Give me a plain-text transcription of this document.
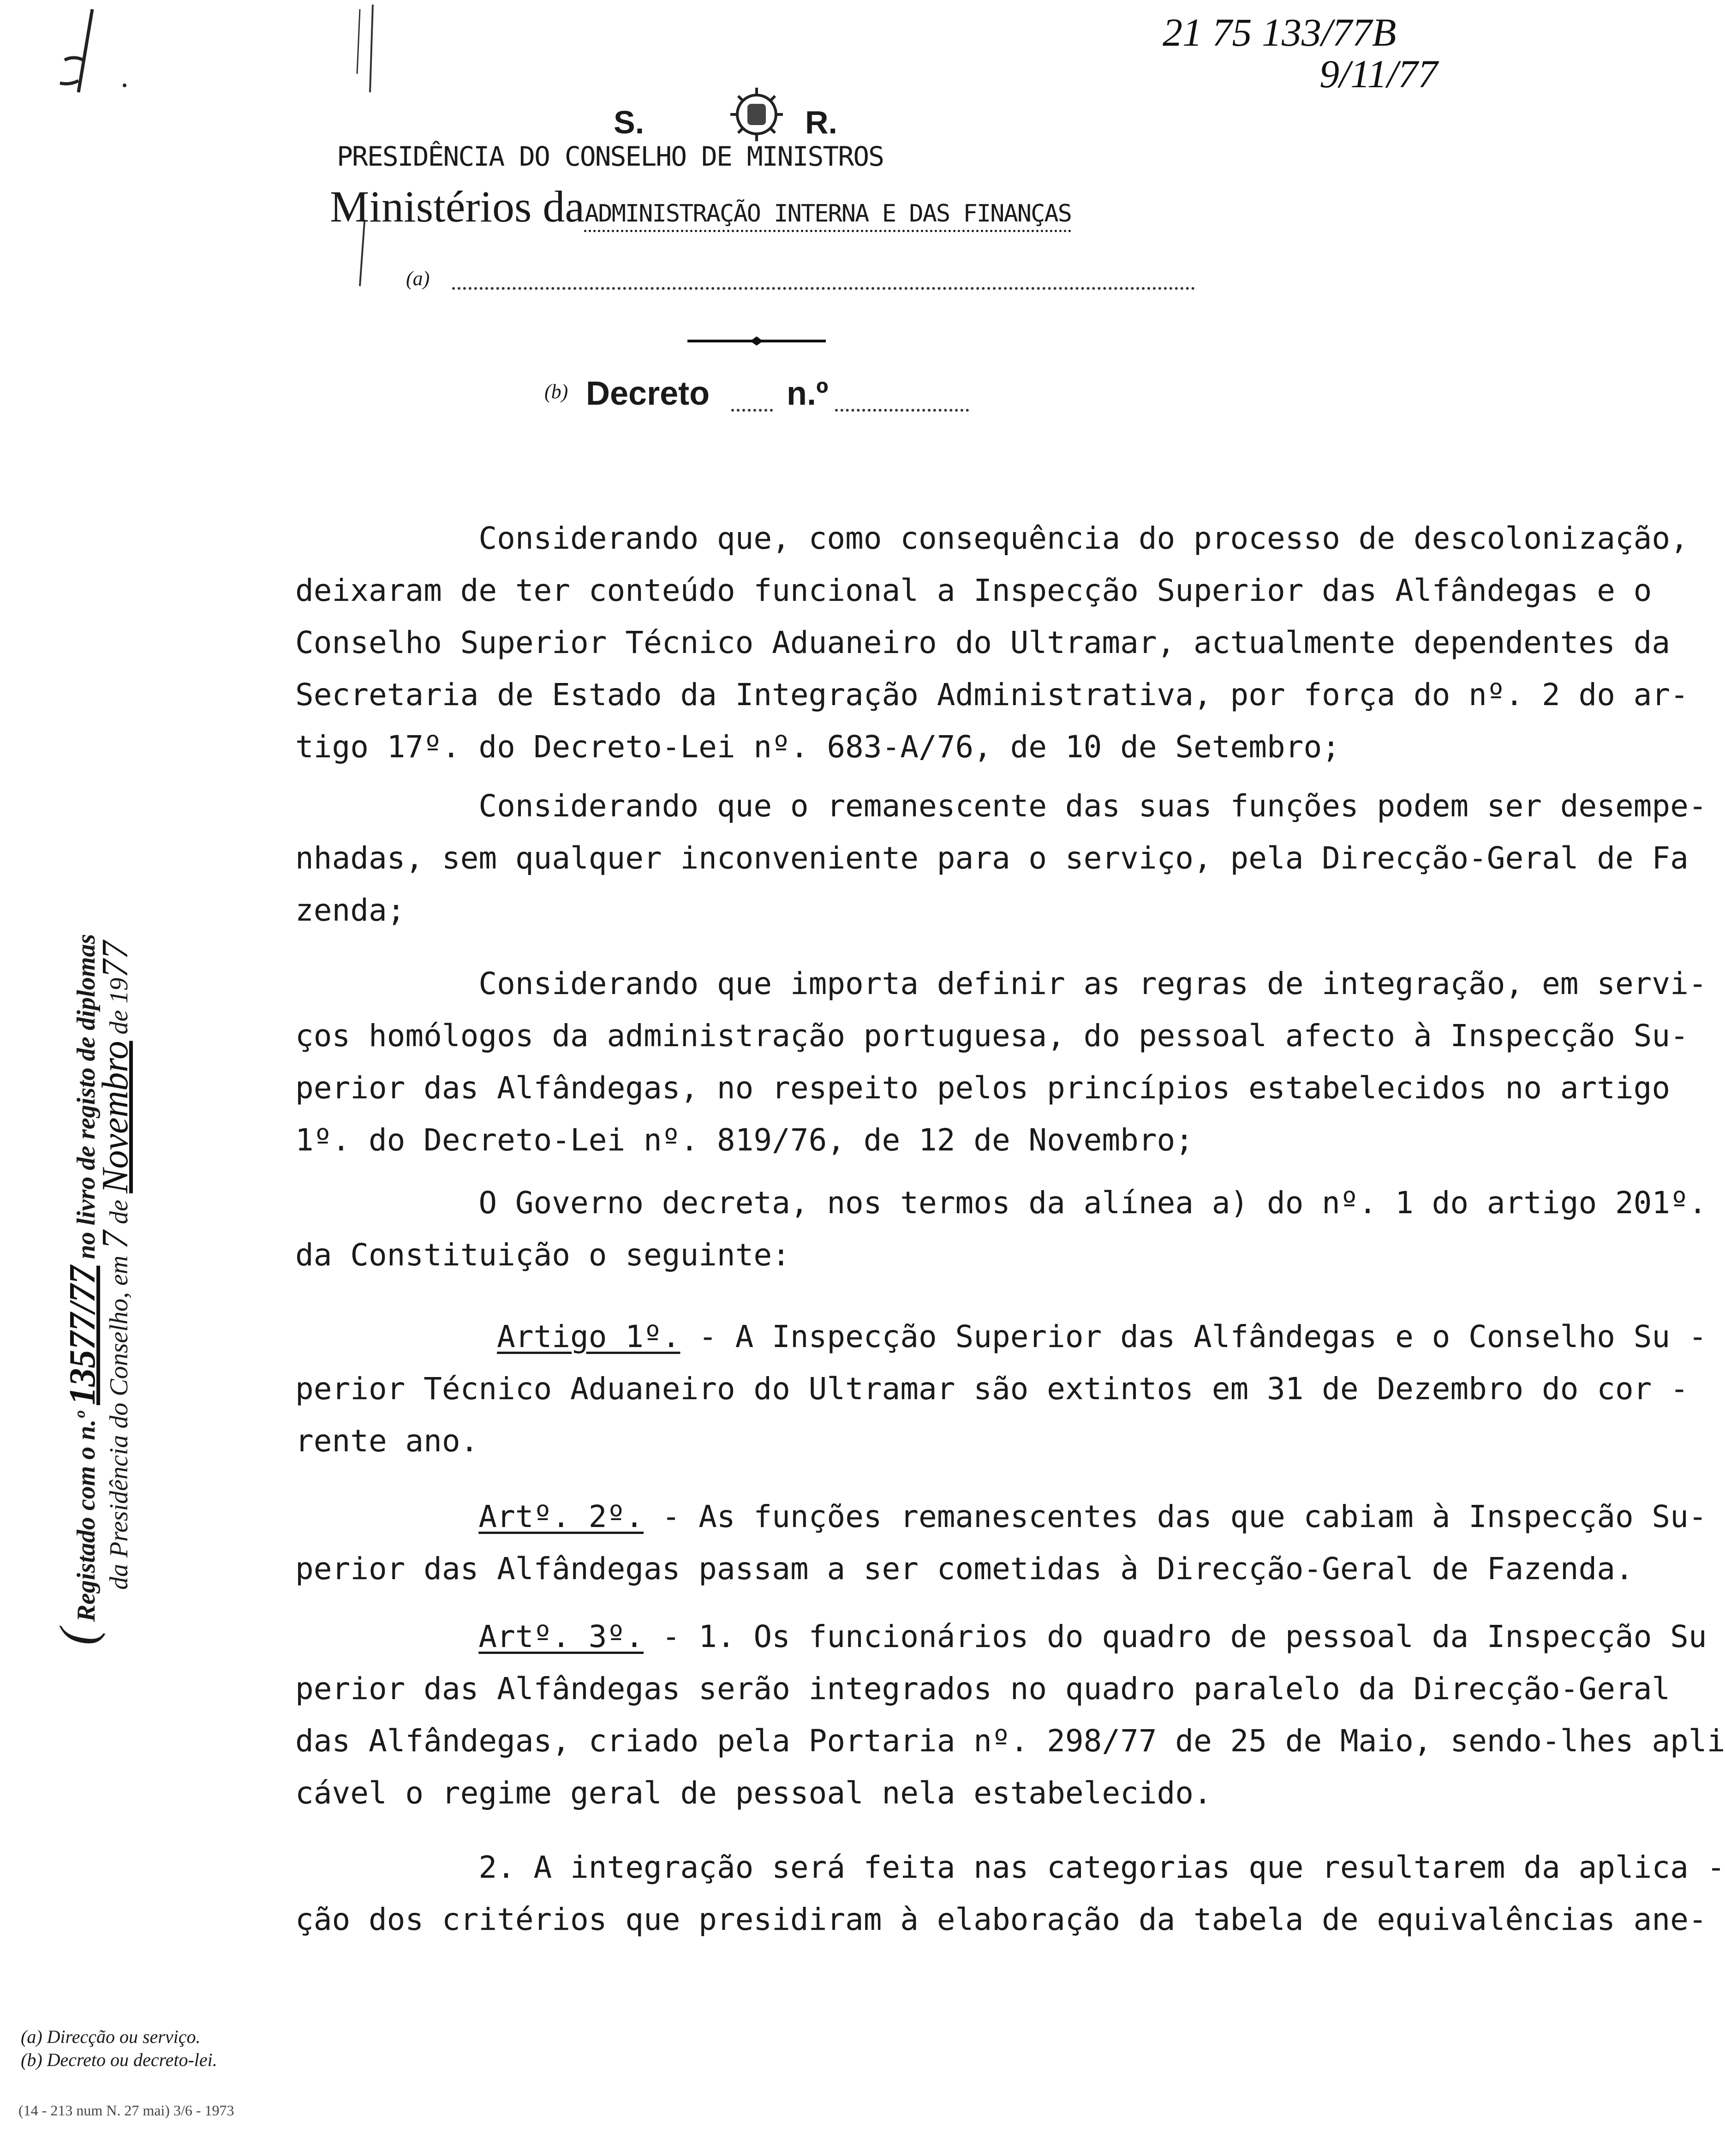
S.	R.
PRESIDÊNCIA DO CONSELHO DE MINISTROS
Ministérios daADMINISTRAÇÃO INTERNA E DAS FINANÇAS
(a)
(b) Decreto n.º
21 75 133/77B
9/11/77
( Registado com o n.º 13577/77 no livro de registo de diplomas
da Presidência do Conselho, em 7 de Novembro de 1977
Considerando que, como consequência do processo de descolonização,
deixaram de ter conteúdo funcional a Inspecção Superior das Alfândegas e o
Conselho Superior Técnico Aduaneiro do Ultramar, actualmente dependentes da
Secretaria de Estado da Integração Administrativa, por força do nº. 2 do ar-
tigo 17º. do Decreto-Lei nº. 683-A/76, de 10 de Setembro;
Considerando que o remanescente das suas funções podem ser desempe-
nhadas, sem qualquer inconveniente para o serviço, pela Direcção-Geral de Fa
zenda;
Considerando que importa definir as regras de integração, em servi-
ços homólogos da administração portuguesa, do pessoal afecto à Inspecção Su-
perior das Alfândegas, no respeito pelos princípios estabelecidos no artigo
1º. do Decreto-Lei nº. 819/76, de 12 de Novembro;
O Governo decreta, nos termos da alínea a) do nº. 1 do artigo 201º.
da Constituição o seguinte:
Artigo 1º. - A Inspecção Superior das Alfândegas e o Conselho Su -
perior Técnico Aduaneiro do Ultramar são extintos em 31 de Dezembro do cor -
rente ano.
Artº. 2º. - As funções remanescentes das que cabiam à Inspecção Su-
perior das Alfândegas passam a ser cometidas à Direcção-Geral de Fazenda.
Artº. 3º. - 1. Os funcionários do quadro de pessoal da Inspecção Su
perior das Alfândegas serão integrados no quadro paralelo da Direcção-Geral
das Alfândegas, criado pela Portaria nº. 298/77 de 25 de Maio, sendo-lhes apli
cável o regime geral de pessoal nela estabelecido.
2. A integração será feita nas categorias que resultarem da aplica -
ção dos critérios que presidiram à elaboração da tabela de equivalências ane-
(a) Direcção ou serviço.
(b) Decreto ou decreto-lei.
(14 - 213 num N. 27 mai) 3/6 - 1973
